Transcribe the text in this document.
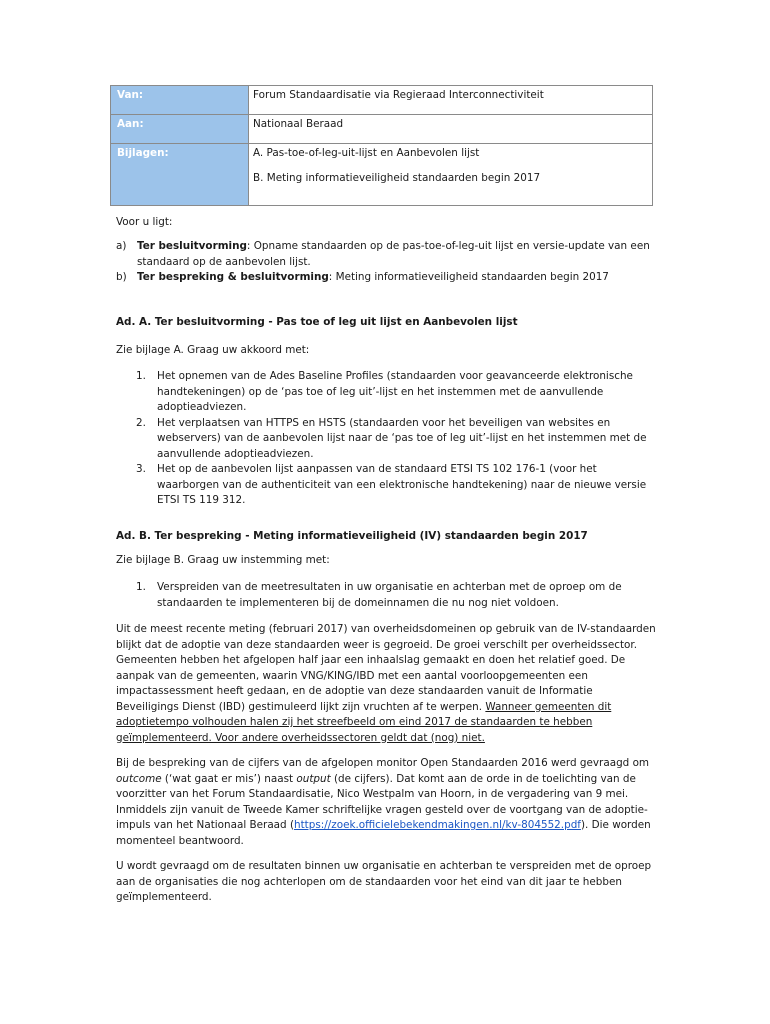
Van:	Forum Standaardisatie via Regieraad Interconnectiviteit
Aan:	Nationaal Beraad
Bijlagen:	A. Pas-toe-of-leg-uit-lijst en Aanbevolen lijst
B. Meting informatieveiligheid standaarden begin 2017
Voor u ligt:
a) Ter besluitvorming: Opname standaarden op de pas-toe-of-leg-uit lijst en versie-update van een standaard op de aanbevolen lijst.
b) Ter bespreking & besluitvorming: Meting informatieveiligheid standaarden begin 2017
Ad. A. Ter besluitvorming - Pas toe of leg uit lijst en Aanbevolen lijst
Zie bijlage A. Graag uw akkoord met:
1. Het opnemen van de Ades Baseline Profiles (standaarden voor geavanceerde elektronische handtekeningen) op de ‘pas toe of leg uit’-lijst en het instemmen met de aanvullende adoptieadviezen.
2. Het verplaatsen van HTTPS en HSTS (standaarden voor het beveiligen van websites en webservers) van de aanbevolen lijst naar de ‘pas toe of leg uit’-lijst en het instemmen met de aanvullende adoptieadviezen.
3. Het op de aanbevolen lijst aanpassen van de standaard ETSI TS 102 176-1 (voor het waarborgen van de authenticiteit van een elektronische handtekening) naar de nieuwe versie ETSI TS 119 312.
Ad. B. Ter bespreking - Meting informatieveiligheid (IV) standaarden begin 2017
Zie bijlage B. Graag uw instemming met:
1. Verspreiden van de meetresultaten in uw organisatie en achterban met de oproep om de standaarden te implementeren bij de domeinnamen die nu nog niet voldoen.
Uit de meest recente meting (februari 2017) van overheidsdomeinen op gebruik van de IV-standaarden blijkt dat de adoptie van deze standaarden weer is gegroeid. De groei verschilt per overheidssector. Gemeenten hebben het afgelopen half jaar een inhaalslag gemaakt en doen het relatief goed. De aanpak van de gemeenten, waarin VNG/KING/IBD met een aantal voorloopgemeenten een impactassessment heeft gedaan, en de adoptie van deze standaarden vanuit de Informatie Beveiligings Dienst (IBD) gestimuleerd lijkt zijn vruchten af te werpen. Wanneer gemeenten dit adoptietempo volhouden halen zij het streefbeeld om eind 2017 de standaarden te hebben geïmplementeerd. Voor andere overheidssectoren geldt dat (nog) niet.
Bij de bespreking van de cijfers van de afgelopen monitor Open Standaarden 2016 werd gevraagd om outcome (‘wat gaat er mis’) naast output (de cijfers). Dat komt aan de orde in de toelichting van de voorzitter van het Forum Standaardisatie, Nico Westpalm van Hoorn, in de vergadering van 9 mei. Inmiddels zijn vanuit de Tweede Kamer schriftelijke vragen gesteld over de voortgang van de adoptie-impuls van het Nationaal Beraad (https://zoek.officielebekendmakingen.nl/kv-804552.pdf). Die worden momenteel beantwoord.
U wordt gevraagd om de resultaten binnen uw organisatie en achterban te verspreiden met de oproep aan de organisaties die nog achterlopen om de standaarden voor het eind van dit jaar te hebben geïmplementeerd.
